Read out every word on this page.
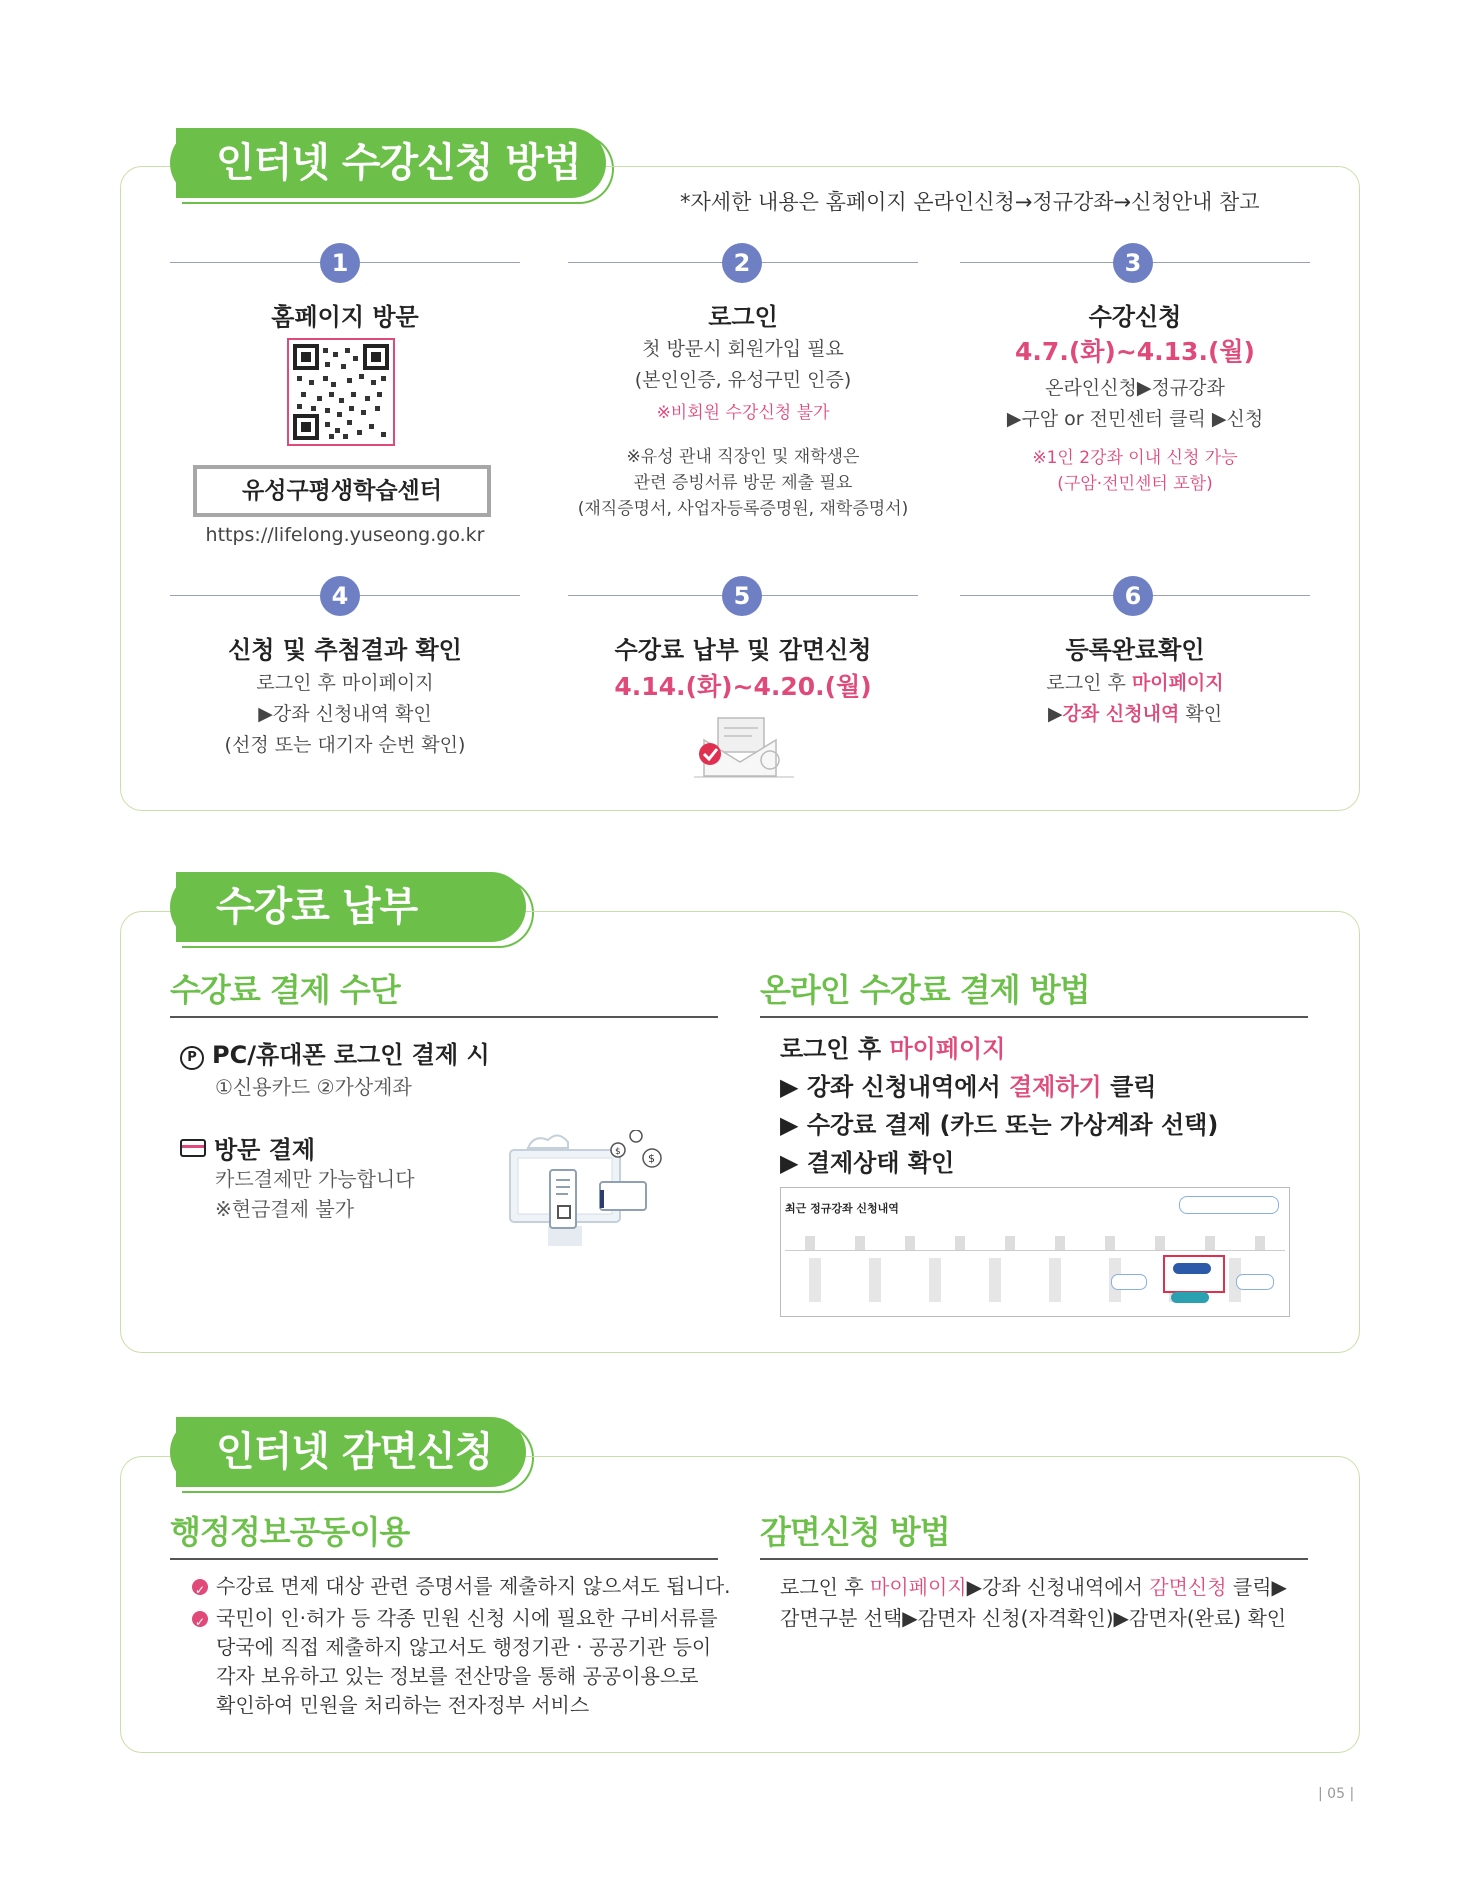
인터넷 수강신청 방법
*자세한 내용은 홈페이지 온라인신청→정규강좌→신청안내 참고
1	2	3
홈페이지 방문
유성구평생학습센터
https://lifelong.yuseong.go.kr
로그인
첫 방문시 회원가입 필요
(본인인증, 유성구민 인증)
※비회원 수강신청 불가
※유성 관내 직장인 및 재학생은
관련 증빙서류 방문 제출 필요
(재직증명서, 사업자등록증명원, 재학증명서)
수강신청
4.7.(화)~4.13.(월)
온라인신청▶정규강좌
▶구암 or 전민센터 클릭 ▶신청
※1인 2강좌 이내 신청 가능
(구암·전민센터 포함)
4	5	6
신청 및 추첨결과 확인
로그인 후 마이페이지
▶강좌 신청내역 확인
(선정 또는 대기자 순번 확인)
수강료 납부 및 감면신청
4.14.(화)~4.20.(월)
등록완료확인
로그인 후 마이페이지
▶강좌 신청내역 확인
수강료 납부
수강료 결제 수단
P PC/휴대폰 로그인 결제 시
①신용카드 ②가상계좌
방문 결제
카드결제만 가능합니다
※현금결제 불가
$ $
온라인 수강료 결제 방법
로그인 후 마이페이지
▶ 강좌 신청내역에서 결제하기 클릭
▶ 수강료 결제 (카드 또는 가상계좌 선택)
▶ 결제상태 확인
최근 정규강좌 신청내역
인터넷 감면신청
행정정보공동이용
✓수강료 면제 대상 관련 증명서를 제출하지 않으셔도 됩니다.
✓국민이 인·허가 등 각종 민원 신청 시에 필요한 구비서류를
당국에 직접 제출하지 않고서도 행정기관 · 공공기관 등이
각자 보유하고 있는 정보를 전산망을 통해 공공이용으로
확인하여 민원을 처리하는 전자정부 서비스
감면신청 방법
로그인 후 마이페이지▶강좌 신청내역에서 감면신청 클릭▶
감면구분 선택▶감면자 신청(자격확인)▶감면자(완료) 확인
| 05 |
